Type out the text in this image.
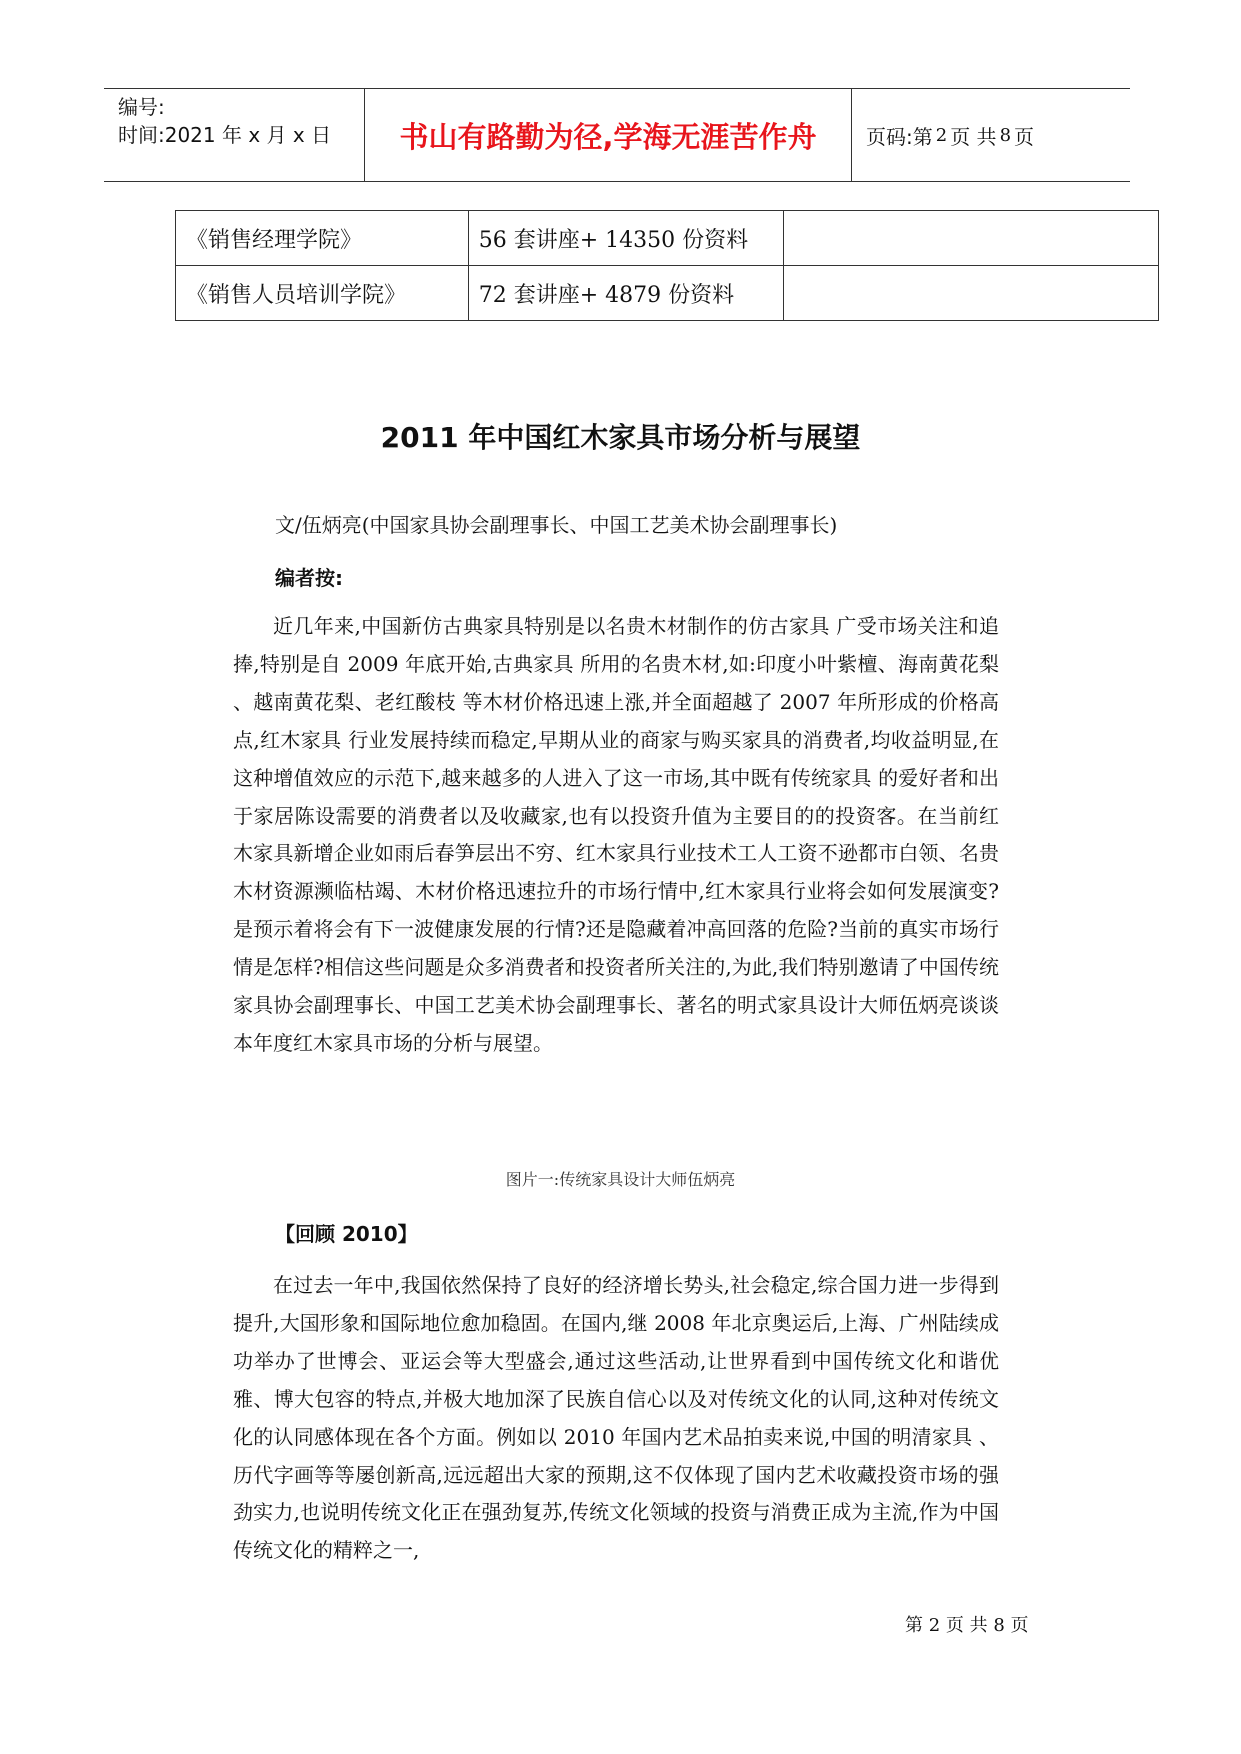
编号:
时间:2021 年 x 月 x 日	书山有路勤为径,学海无涯苦作舟	页码:第 2 页 共 8 页
《销售经理学院》	56 套讲座+ 14350 份资料	
《销售人员培训学院》	72 套讲座+ 4879 份资料	
2011 年中国红木家具市场分析与展望
文/伍炳亮(中国家具协会副理事长、中国工艺美术协会副理事长)
编者按:

近几年来,中国新仿古典家具特别是以名贵木材制作的仿古家具 广受市场关注和追捧,特别是自 2009 年底开始,古典家具 所用的名贵木材,如:印度小叶紫檀、海南黄花梨 、越南黄花梨、老红酸枝 等木材价格迅速上涨,并全面超越了 2007 年所形成的价格高点,红木家具 行业发展持续而稳定,早期从业的商家与购买家具的消费者,均收益明显,在这种增值效应的示范下,越来越多的人进入了这一市场,其中既有传统家具 的爱好者和出于家居陈设需要的消费者以及收藏家,也有以投资升值为主要目的的投资客。在当前红木家具新增企业如雨后春笋层出不穷、红木家具行业技术工人工资不逊都市白领、名贵木材资源濒临枯竭、木材价格迅速拉升的市场行情中,红木家具行业将会如何发展演变?是预示着将会有下一波健康发展的行情?还是隐藏着冲高回落的危险?当前的真实市场行情是怎样?相信这些问题是众多消费者和投资者所关注的,为此,我们特别邀请了中国传统家具协会副理事长、中国工艺美术协会副理事长、著名的明式家具设计大师伍炳亮谈谈本年度红木家具市场的分析与展望。

图片一:传统家具设计大师伍炳亮
【回顾 2010】

在过去一年中,我国依然保持了良好的经济增长势头,社会稳定,综合国力进一步得到提升,大国形象和国际地位愈加稳固。在国内,继 2008 年北京奥运后,上海、广州陆续成功举办了世博会、亚运会等大型盛会,通过这些活动,让世界看到中国传统文化和谐优雅、博大包容的特点,并极大地加深了民族自信心以及对传统文化的认同,这种对传统文化的认同感体现在各个方面。例如以 2010 年国内艺术品拍卖来说,中国的明清家具 、历代字画等等屡创新高,远远超出大家的预期,这不仅体现了国内艺术收藏投资市场的强劲实力,也说明传统文化正在强劲复苏,传统文化领域的投资与消费正成为主流,作为中国传统文化的精粹之一,

第 2 页 共 8 页
